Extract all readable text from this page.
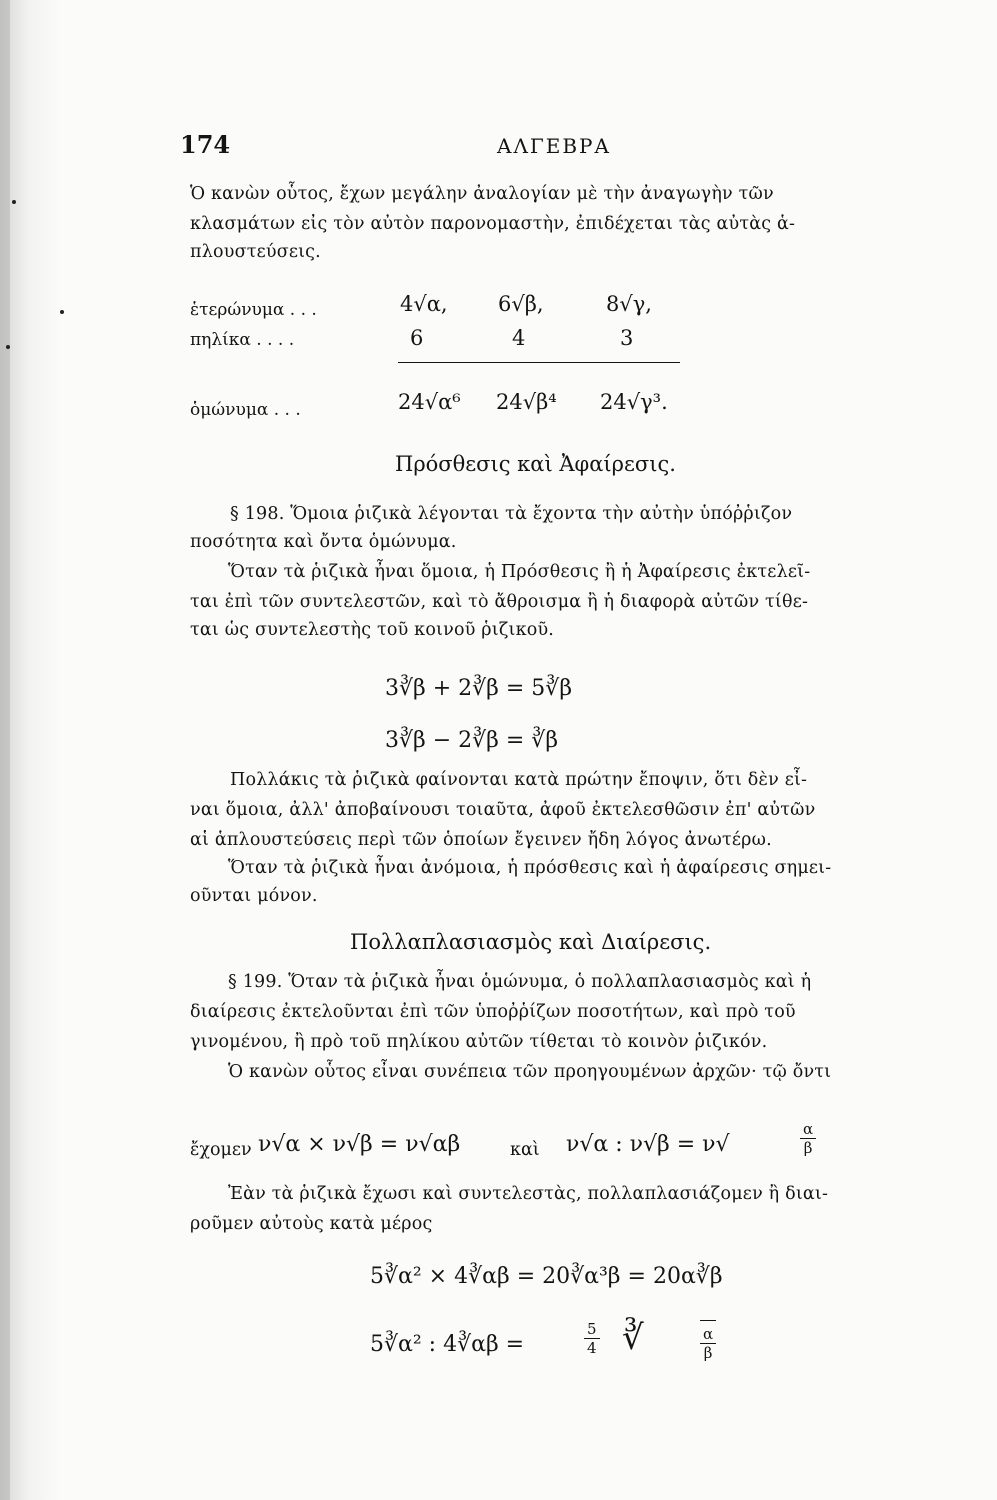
174	ΑΛΓΕΒΡΑ
Ὁ κανὼν οὗτος, ἔχων μεγάλην ἀναλογίαν μὲ τὴν ἀναγωγὴν τῶν
κλασμάτων εἰς τὸν αὐτὸν παρονομαστὴν, ἐπιδέχεται τὰς αὐτὰς ἁ-
πλουστεύσεις.
ἑτερώνυμα . . .	4√α, 6√β,	8√γ,
πηλίκα . . . .	6	4	3
ὁμώνυμα . . .	24√α⁶ 24√β⁴ 24√γ³.
Πρόσθεσις καὶ Ἀφαίρεσις.
§ 198. Ὅμοια ῥιζικὰ λέγονται τὰ ἔχοντα τὴν αὐτὴν ὑπόῤῥιζον
ποσότητα καὶ ὄντα ὁμώνυμα.
Ὅταν τὰ ῥιζικὰ ἦναι ὅμοια, ἡ Πρόσθεσις ἢ ἡ Ἀφαίρεσις ἐκτελεῖ-
ται ἐπὶ τῶν συντελεστῶν, καὶ τὸ ἄθροισμα ἢ ἡ διαφορὰ αὐτῶν τίθε-
ται ὡς συντελεστὴς τοῦ κοινοῦ ῥιζικοῦ.
3∛β + 2∛β = 5∛β
3∛β − 2∛β = ∛β
Πολλάκις τὰ ῥιζικὰ φαίνονται κατὰ πρώτην ἔποψιν, ὅτι δὲν εἶ-
ναι ὅμοια, ἀλλ' ἀποβαίνουσι τοιαῦτα, ἀφοῦ ἐκτελεσθῶσιν ἐπ' αὐτῶν
αἱ ἁπλουστεύσεις περὶ τῶν ὁποίων ἔγεινεν ἤδη λόγος ἀνωτέρω.
Ὅταν τὰ ῥιζικὰ ἦναι ἀνόμοια, ἡ πρόσθεσις καὶ ἡ ἀφαίρεσις σημει-
οῦνται μόνον.
Πολλαπλασιασμὸς καὶ Διαίρεσις.
§ 199. Ὅταν τὰ ῥιζικὰ ἦναι ὁμώνυμα, ὁ πολλαπλασιασμὸς καὶ ἡ
διαίρεσις ἐκτελοῦνται ἐπὶ τῶν ὑποῤῥίζων ποσοτήτων, καὶ πρὸ τοῦ
γινομένου, ἢ πρὸ τοῦ πηλίκου αὐτῶν τίθεται τὸ κοινὸν ῥιζικόν.
Ὁ κανὼν οὗτος εἶναι συνέπεια τῶν προηγουμένων ἀρχῶν· τῷ ὄντι
ἔχομεν ν√α × ν√β = ν√αβ	καὶ ν√α : ν√β = ν√	$\frac{\alpha}{\beta}$
Ἐὰν τὰ ῥιζικὰ ἔχωσι καὶ συντελεστὰς, πολλαπλασιάζομεν ἢ διαι-
ροῦμεν αὐτοὺς κατὰ μέρος
5∛α² × 4∛αβ = 20∛α³β = 20α∛β
5∛α² : 4∛αβ =	$\frac{5}{4}$ ∛	$\frac{\alpha}{\beta}$
